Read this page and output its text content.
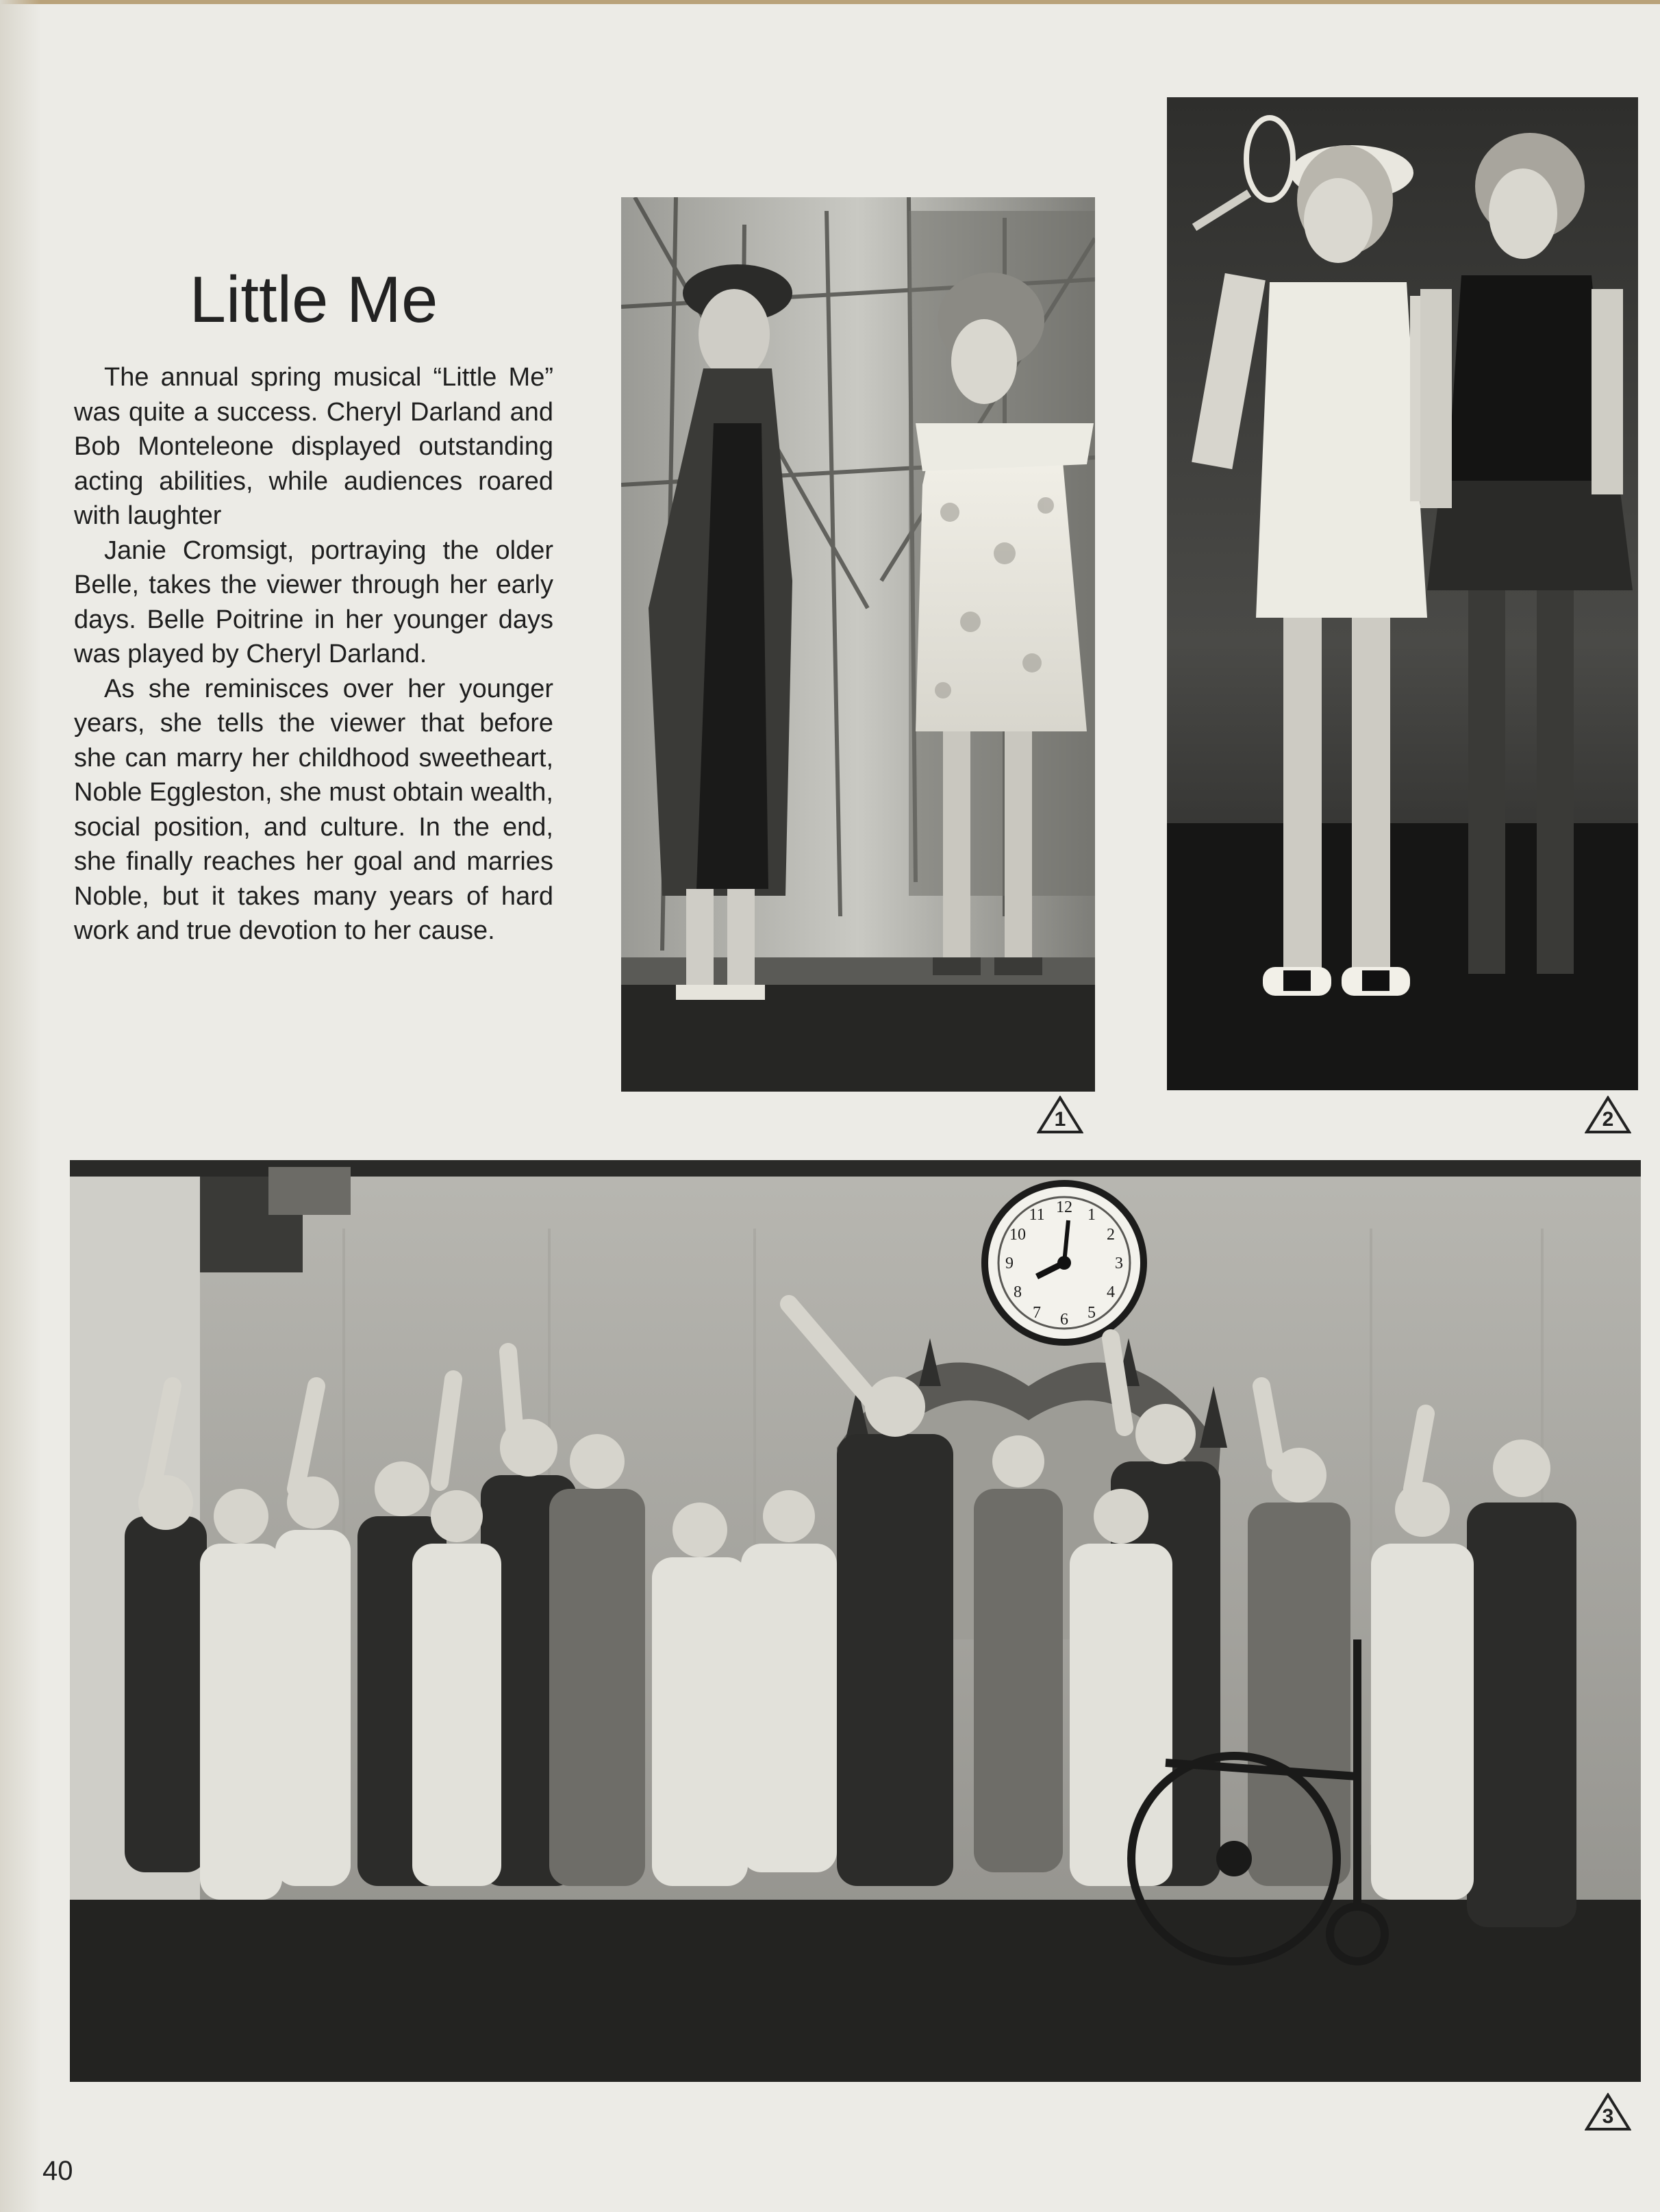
Little Me

The annual spring musical “Little Me” was quite a success. Cheryl Darland and Bob Monteleone displayed outstanding acting abilities, while audiences roared with laughter

Janie Cromsigt, portraying the older Belle, takes the viewer through her early days. Belle Poitrine in her younger days was played by Cheryl Darland.

As she reminisces over her younger years, she tells the viewer that before she can marry her childhood sweetheart, Noble Eggleston, she must obtain wealth, social position, and culture. In the end, she finally reaches her goal and marries Noble, but it takes many years of hard work and true devotion to her cause.

12 1
2
3
4
5
6
7
8
9
10
11
1	2
3
40
